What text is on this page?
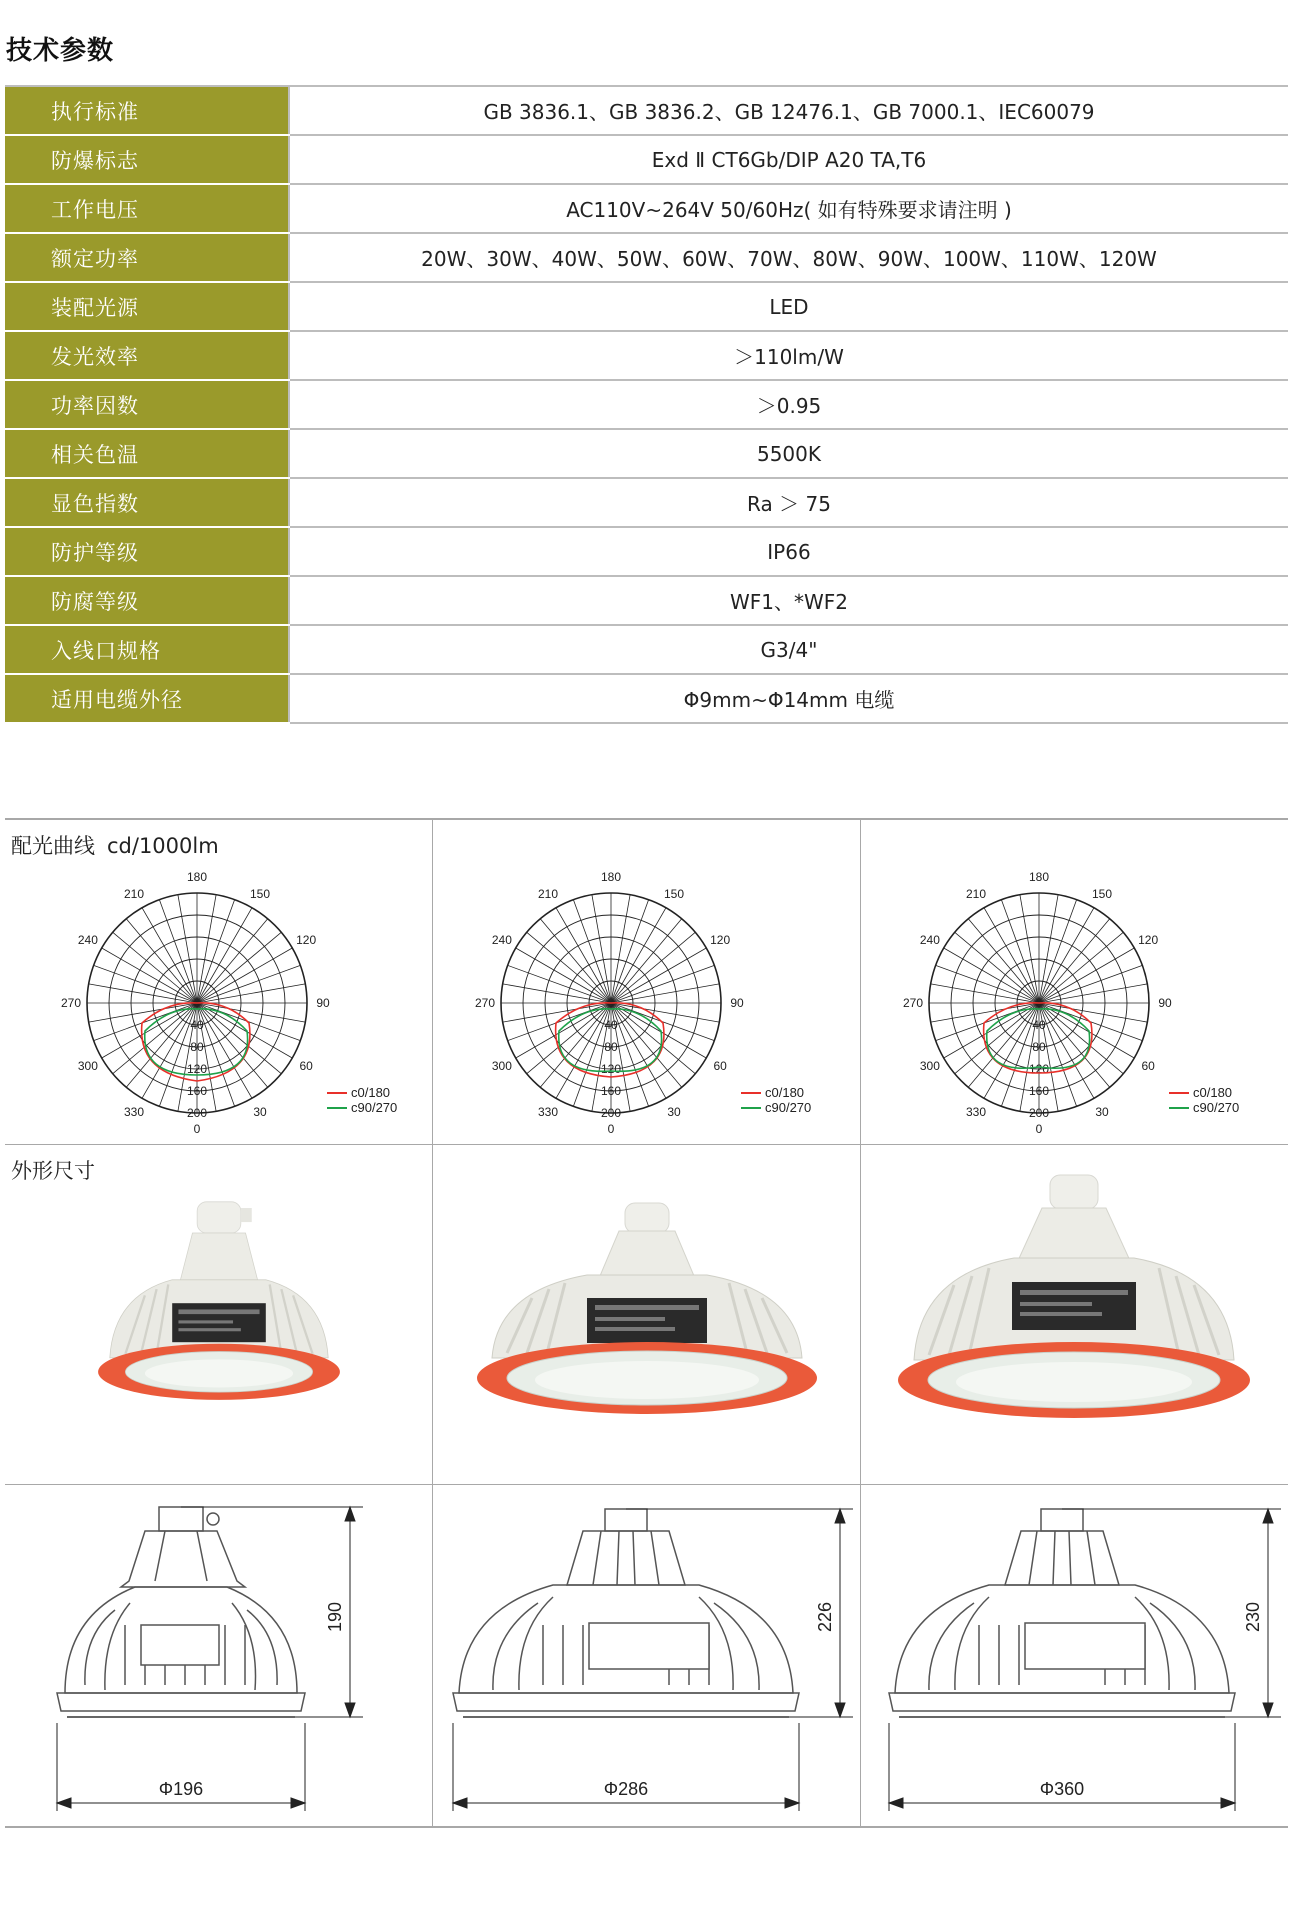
技术参数
执行标准	GB 3836.1、GB 3836.2、GB 12476.1、GB 7000.1、IEC60079
防爆标志	Exd Ⅱ CT6Gb/DIP A20 TA,T6
工作电压	AC110V~264V 50/60Hz( 如有特殊要求请注明 )
额定功率	20W、30W、40W、50W、60W、70W、80W、90W、100W、110W、120W
装配光源	LED
发光效率	＞110lm/W
功率因数	＞0.95
相关色温	5500K
显色指数	Ra ＞ 75
防护等级	IP66
防腐等级	WF1、*WF2
入线口规格	G3/4"
适用电缆外径	Φ9mm~Φ14mm 电缆
配光曲线 cd/1000lm
180
210	150
240	120
270	90
300	60
330	30
0
0
40
80
120
160
200
c0/180
c90/270
180
210	150
240	120
270	90
300	60
330	30
0
0
40
80
120
160
200
c0/180
c90/270
180
210	150
240	120
270	90
300	60
330	30
0
0
40
80
120
160
200
c0/180
c90/270
外形尺寸
190
Φ196
226
Φ286
230
Φ360
